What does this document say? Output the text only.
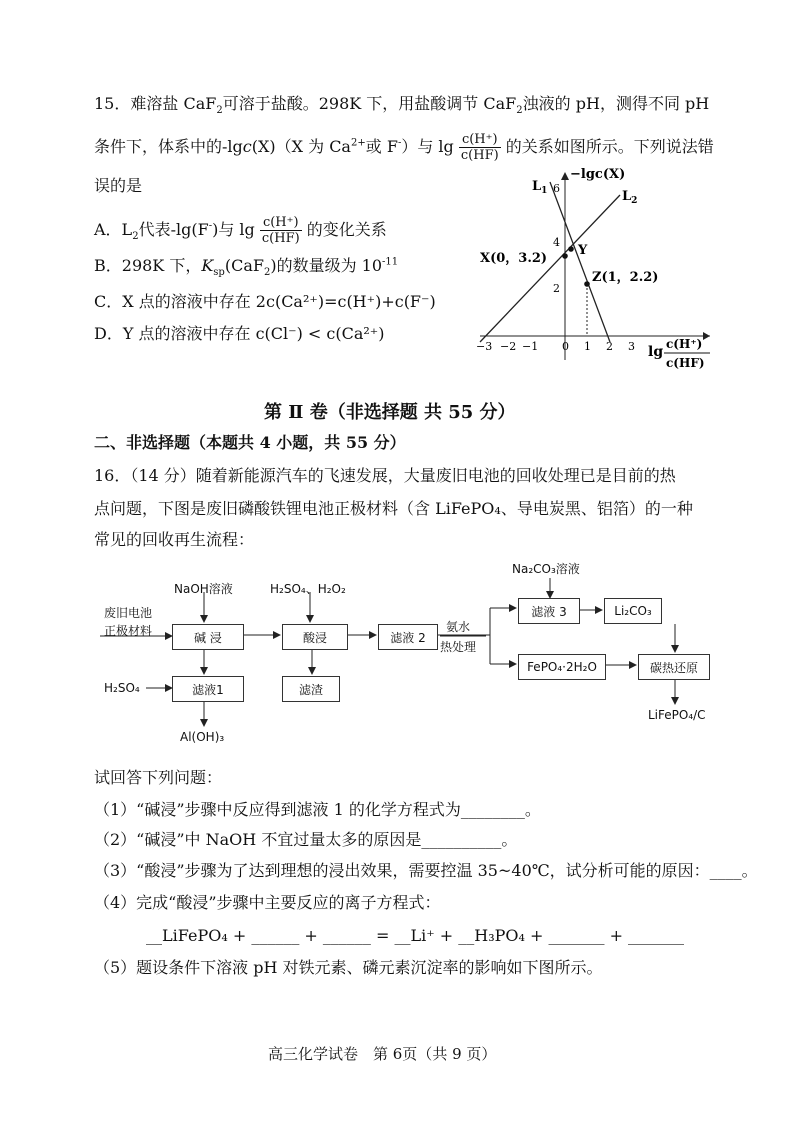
15．难溶盐 CaF$_2$可溶于盐酸。298K 下，用盐酸调节 CaF$_2$浊液的 pH，测得不同 pH
条件下，体系中的-lgc(X)（X 为 $Ca^{2+}$或 F-）与 $\lg \frac{c(H^+)}{c(HF)}$ 的关系如图所示。下列说法错
误的是
A．$L_2$代表-lg(F-)与 $\lg \frac{c(H^+)}{c(HF)}$ 的变化关系
B．298K 下，$K_{sp}(CaF_2)$的数量级为 $10^{-11}$
C．X 点的溶液中存在 2c(Ca²⁺)=c(H⁺)+c(F⁻)
D．Y 点的溶液中存在 c(Cl⁻) < c(Ca²⁺)
−lgc(X)
$L_1$	$L_2$
X(0，3.2)
Y
Z(1，2.2)
2
4
6
−3 −2 −1 0 1 2 3 lg c(H⁺)
c(HF)
第 Ⅱ 卷（非选择题 共 55 分）
二、非选择题（本题共 4 小题，共 55 分）
16．（14 分）随着新能源汽车的飞速发展，大量废旧电池的回收处理已是目前的热
点问题，下图是废旧磷酸铁锂电池正极材料（含 LiFePO₄、导电炭黑、铝箔）的一种
常见的回收再生流程：
废旧电池
正极材料
NaOH溶液	H₂SO₄、H₂O₂
Na₂CO₃溶液
碱 浸	酸浸	滤液 2
氨水
热处理
滤液 3	Li₂CO₃
FePO₄·2H₂O	碳热还原
H₂SO₄	滤液1	滤渣
Al(OH)₃
LiFePO₄/C
试回答下列问题：
（1）“碱浸”步骤中反应得到滤液 1 的化学方程式为________。
（2）“碱浸”中 NaOH 不宜过量太多的原因是__________。
（3）“酸浸”步骤为了达到理想的浸出效果，需要控温 35~40℃，试分析可能的原因：____。
（4）完成“酸浸”步骤中主要反应的离子方程式：
__LiFePO₄ + ______ + ______ = __Li⁺ + __H₃PO₄ + _______ + _______
（5）题设条件下溶液 pH 对铁元素、磷元素沉淀率的影响如下图所示。
高三化学试卷　第 6页（共 9 页）
